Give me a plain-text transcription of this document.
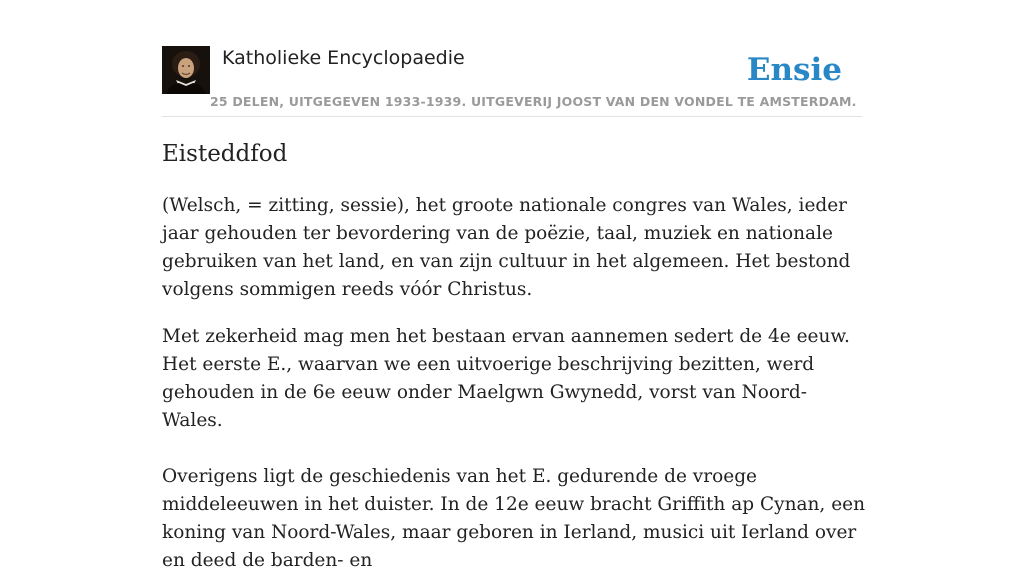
Katholieke Encyclopaedie
25 DELEN, UITGEGEVEN 1933-1939. UITGEVERIJ JOOST VAN DEN VONDEL TE AMSTERDAM.
Ensie
Eisteddfod

(Welsch, = zitting, sessie), het groote nationale congres van Wales, ieder jaar gehouden ter bevordering van de poëzie, taal, muziek en nationale gebruiken van het land, en van zijn cultuur in het algemeen. Het bestond volgens sommigen reeds vóór Christus.

Met zekerheid mag men het bestaan ervan aannemen sedert de 4e eeuw. Het eerste E., waarvan we een uitvoerige beschrijving bezitten, werd gehouden in de 6e eeuw onder Maelgwn Gwynedd, vorst van Noord-Wales.

Overigens ligt de geschiedenis van het E. gedurende de vroege middeleeuwen in het duister. In de 12e eeuw bracht Griffith ap Cynan, een koning van Noord-Wales, maar geboren in Ierland, musici uit Ierland over en deed de barden- en
